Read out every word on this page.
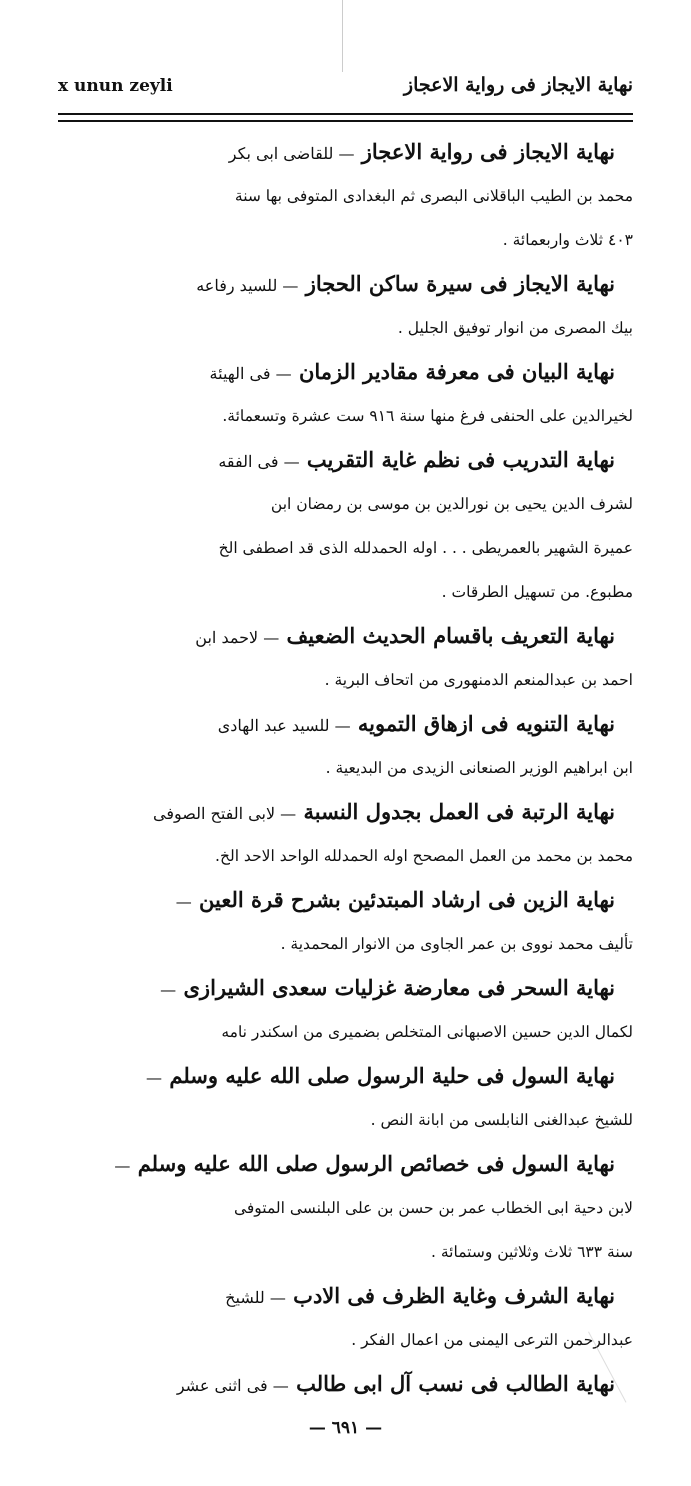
x unun zeyli	نهاية الايجاز فى رواية الاعجاز
نهاية الايجاز فى رواية الاعجاز — للقاضى ابى بكر
محمد بن الطيب الباقلانى البصرى ثم البغدادى المتوفى بها سنة
٤٠٣ ثلاث واربعمائة .
نهاية الايجاز فى سيرة ساكن الحجاز — للسيد رفاعه
بيك المصرى من انوار توفيق الجليل .
نهاية البيان فى معرفة مقادير الزمان — فى الهيئة
لخيرالدين على الحنفى فرغ منها سنة ٩١٦ ست عشرة وتسعمائة.
نهاية التدريب فى نظم غاية التقريب — فى الفقه
لشرف الدين يحيى بن نورالدين بن موسى بن رمضان ابن
عميرة الشهير بالعمريطى . . . اوله الحمدلله الذى قد اصطفى الخ
مطبوع. من تسهيل الطرقات .
نهاية التعريف باقسام الحديث الضعيف — لاحمد ابن
احمد بن عبدالمنعم الدمنهورى من اتحاف البرية .
نهاية التنويه فى ازهاق التمويه — للسيد عبد الهادى
ابن ابراهيم الوزير الصنعانى الزيدى من البديعية .
نهاية الرتبة فى العمل بجدول النسبة — لابى الفتح الصوفى
محمد بن محمد من العمل المصحح اوله الحمدلله الواحد الاحد الخ.
نهاية الزين فى ارشاد المبتدئين بشرح قرة العين —
تأليف محمد نووى بن عمر الجاوى من الانوار المحمدية .
نهاية السحر فى معارضة غزليات سعدى الشيرازى —
لكمال الدين حسين الاصبهانى المتخلص بضميرى من اسكندر نامه
نهاية السول فى حلية الرسول صلى الله عليه وسلم —
للشيخ عبدالغنى النابلسى من ابانة النص .
نهاية السول فى خصائص الرسول صلى الله عليه وسلم —
لابن دحية ابى الخطاب عمر بن حسن بن على البلنسى المتوفى
سنة ٦٣٣ ثلاث وثلاثين وستمائة .
نهاية الشرف وغاية الظرف فى الادب — للشيخ
عبدالرحمن الترعى اليمنى من اعمال الفكر .
نهاية الطالب فى نسب آل ابى طالب — فى اثنى عشر
— ٦٩١ —
